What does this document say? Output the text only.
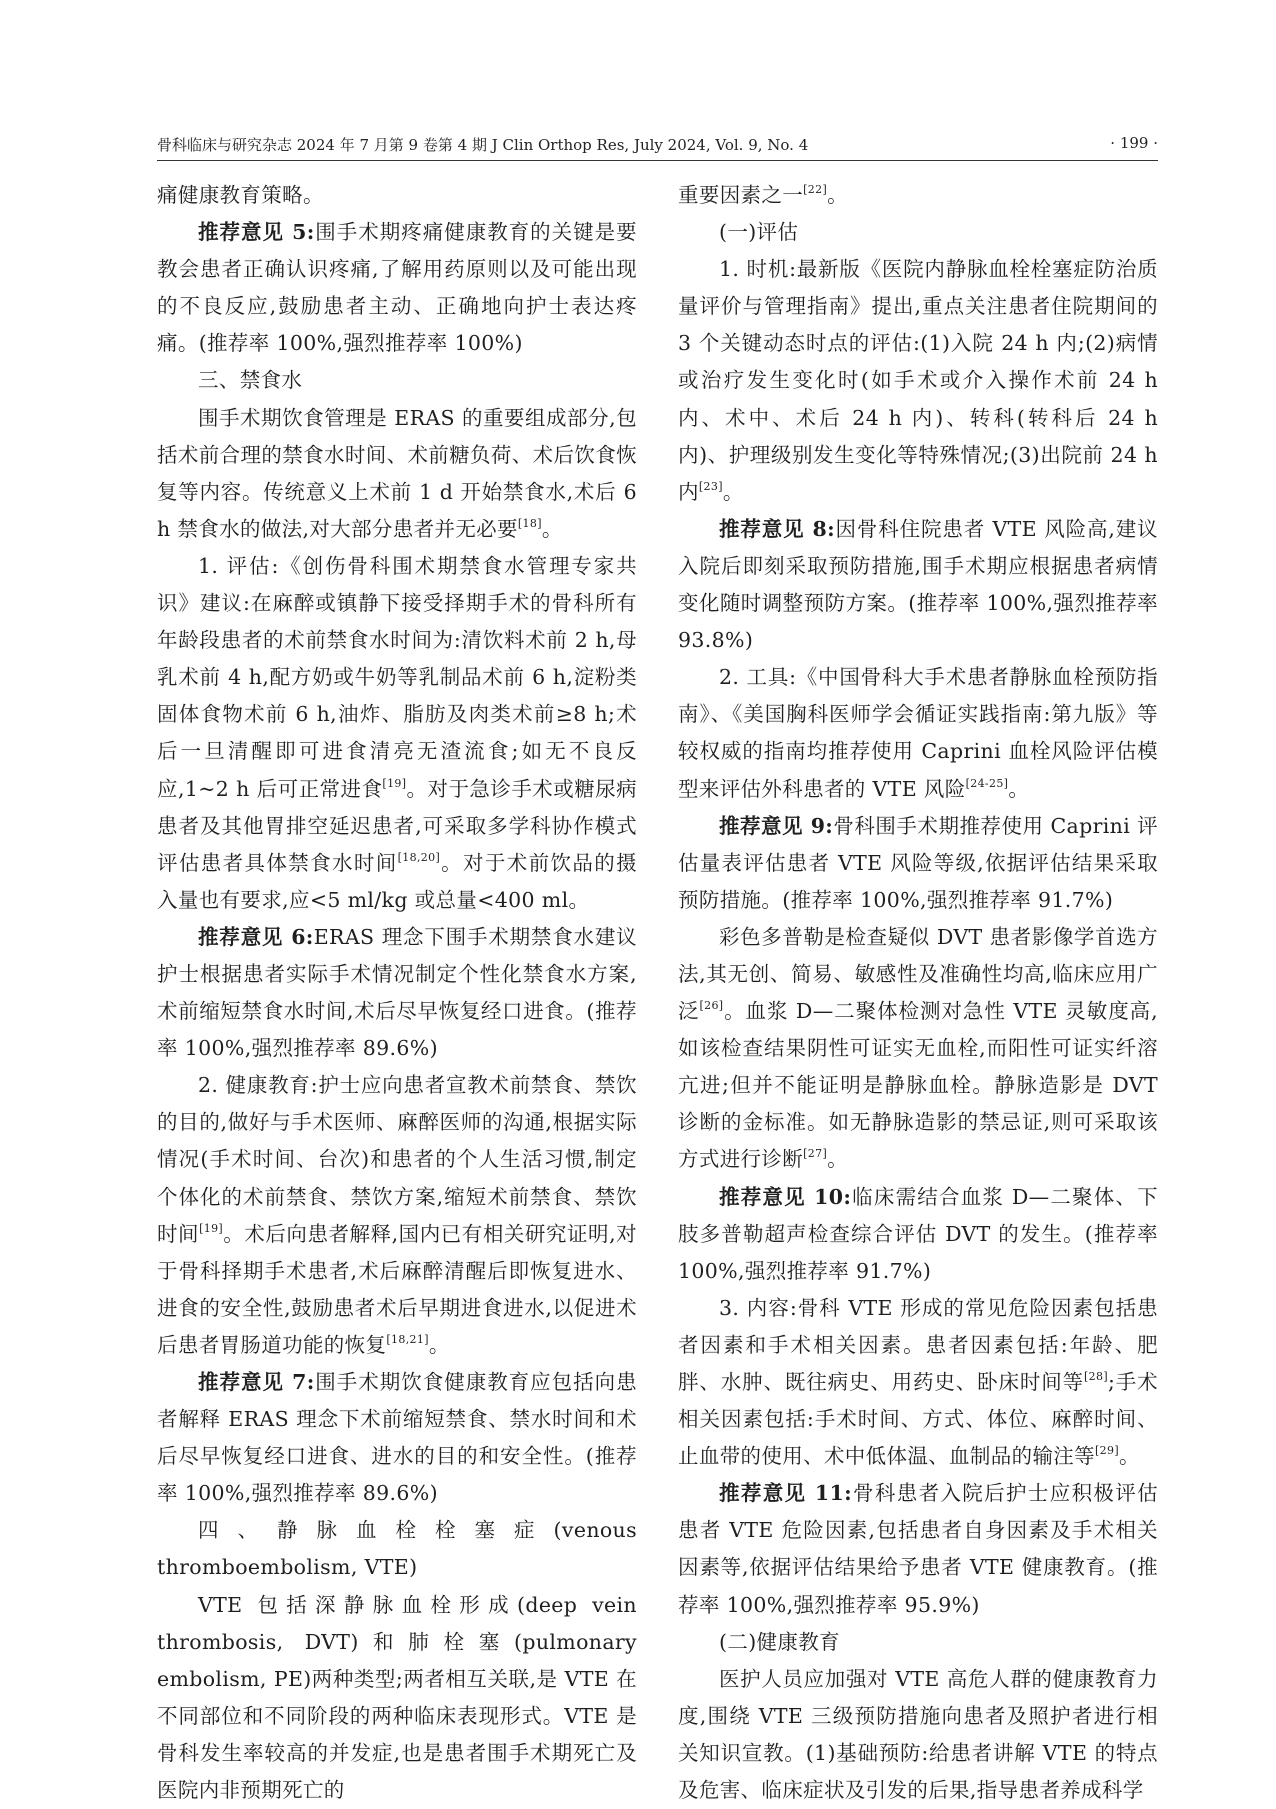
骨科临床与研究杂志 2024 年 7 月第 9 卷第 4 期 J Clin Orthop Res, July 2024, Vol. 9, No. 4	· 199 ·

痛健康教育策略。

推荐意见 5:围手术期疼痛健康教育的关键是要教会患者正确认识疼痛,了解用药原则以及可能出现的不良反应,鼓励患者主动、正确地向护士表达疼痛。(推荐率 100%,强烈推荐率 100%)

三、禁食水

围手术期饮食管理是 ERAS 的重要组成部分,包括术前合理的禁食水时间、术前糖负荷、术后饮食恢复等内容。传统意义上术前 1 d 开始禁食水,术后 6 h 禁食水的做法,对大部分患者并无必要[18]。

1. 评估:《创伤骨科围术期禁食水管理专家共识》建议:在麻醉或镇静下接受择期手术的骨科所有年龄段患者的术前禁食水时间为:清饮料术前 2 h,母乳术前 4 h,配方奶或牛奶等乳制品术前 6 h,淀粉类固体食物术前 6 h,油炸、脂肪及肉类术前≥8 h;术后一旦清醒即可进食清亮无渣流食;如无不良反应,1~2 h 后可正常进食[19]。对于急诊手术或糖尿病患者及其他胃排空延迟患者,可采取多学科协作模式评估患者具体禁食水时间[18,20]。对于术前饮品的摄入量也有要求,应<5 ml/kg 或总量<400 ml。

推荐意见 6:ERAS 理念下围手术期禁食水建议护士根据患者实际手术情况制定个性化禁食水方案,术前缩短禁食水时间,术后尽早恢复经口进食。(推荐率 100%,强烈推荐率 89.6%)

2. 健康教育:护士应向患者宣教术前禁食、禁饮的目的,做好与手术医师、麻醉医师的沟通,根据实际情况(手术时间、台次)和患者的个人生活习惯,制定个体化的术前禁食、禁饮方案,缩短术前禁食、禁饮时间[19]。术后向患者解释,国内已有相关研究证明,对于骨科择期手术患者,术后麻醉清醒后即恢复进水、进食的安全性,鼓励患者术后早期进食进水,以促进术后患者胃肠道功能的恢复[18,21]。

推荐意见 7:围手术期饮食健康教育应包括向患者解释 ERAS 理念下术前缩短禁食、禁水时间和术后尽早恢复经口进食、进水的目的和安全性。(推荐率 100%,强烈推荐率 89.6%)

四、静脉血栓栓塞症(venous thromboembolism, VTE)

VTE 包括深静脉血栓形成(deep vein thrombosis, DVT)和肺栓塞(pulmonary embolism, PE)两种类型;两者相互关联,是 VTE 在不同部位和不同阶段的两种临床表现形式。VTE 是骨科发生率较高的并发症,也是患者围手术期死亡及医院内非预期死亡的

重要因素之一[22]。

(一)评估

1. 时机:最新版《医院内静脉血栓栓塞症防治质量评价与管理指南》提出,重点关注患者住院期间的 3 个关键动态时点的评估:(1)入院 24 h 内;(2)病情或治疗发生变化时(如手术或介入操作术前 24 h 内、术中、术后 24 h 内)、转科(转科后 24 h 内)、护理级别发生变化等特殊情况;(3)出院前 24 h 内[23]。

推荐意见 8:因骨科住院患者 VTE 风险高,建议入院后即刻采取预防措施,围手术期应根据患者病情变化随时调整预防方案。(推荐率 100%,强烈推荐率 93.8%)

2. 工具:《中国骨科大手术患者静脉血栓预防指南》、《美国胸科医师学会循证实践指南:第九版》等较权威的指南均推荐使用 Caprini 血栓风险评估模型来评估外科患者的 VTE 风险[24-25]。

推荐意见 9:骨科围手术期推荐使用 Caprini 评估量表评估患者 VTE 风险等级,依据评估结果采取预防措施。(推荐率 100%,强烈推荐率 91.7%)

彩色多普勒是检查疑似 DVT 患者影像学首选方法,其无创、简易、敏感性及准确性均高,临床应用广泛[26]。血浆 D—二聚体检测对急性 VTE 灵敏度高,如该检查结果阴性可证实无血栓,而阳性可证实纤溶亢进;但并不能证明是静脉血栓。静脉造影是 DVT 诊断的金标准。如无静脉造影的禁忌证,则可采取该方式进行诊断[27]。

推荐意见 10:临床需结合血浆 D—二聚体、下肢多普勒超声检查综合评估 DVT 的发生。(推荐率 100%,强烈推荐率 91.7%)

3. 内容:骨科 VTE 形成的常见危险因素包括患者因素和手术相关因素。患者因素包括:年龄、肥胖、水肿、既往病史、用药史、卧床时间等[28];手术相关因素包括:手术时间、方式、体位、麻醉时间、止血带的使用、术中低体温、血制品的输注等[29]。

推荐意见 11:骨科患者入院后护士应积极评估患者 VTE 危险因素,包括患者自身因素及手术相关因素等,依据评估结果给予患者 VTE 健康教育。(推荐率 100%,强烈推荐率 95.9%)

(二)健康教育

医护人员应加强对 VTE 高危人群的健康教育力度,围绕 VTE 三级预防措施向患者及照护者进行相关知识宣教。(1)基础预防:给患者讲解 VTE 的特点及危害、临床症状及引发的后果,指导患者养成科学
